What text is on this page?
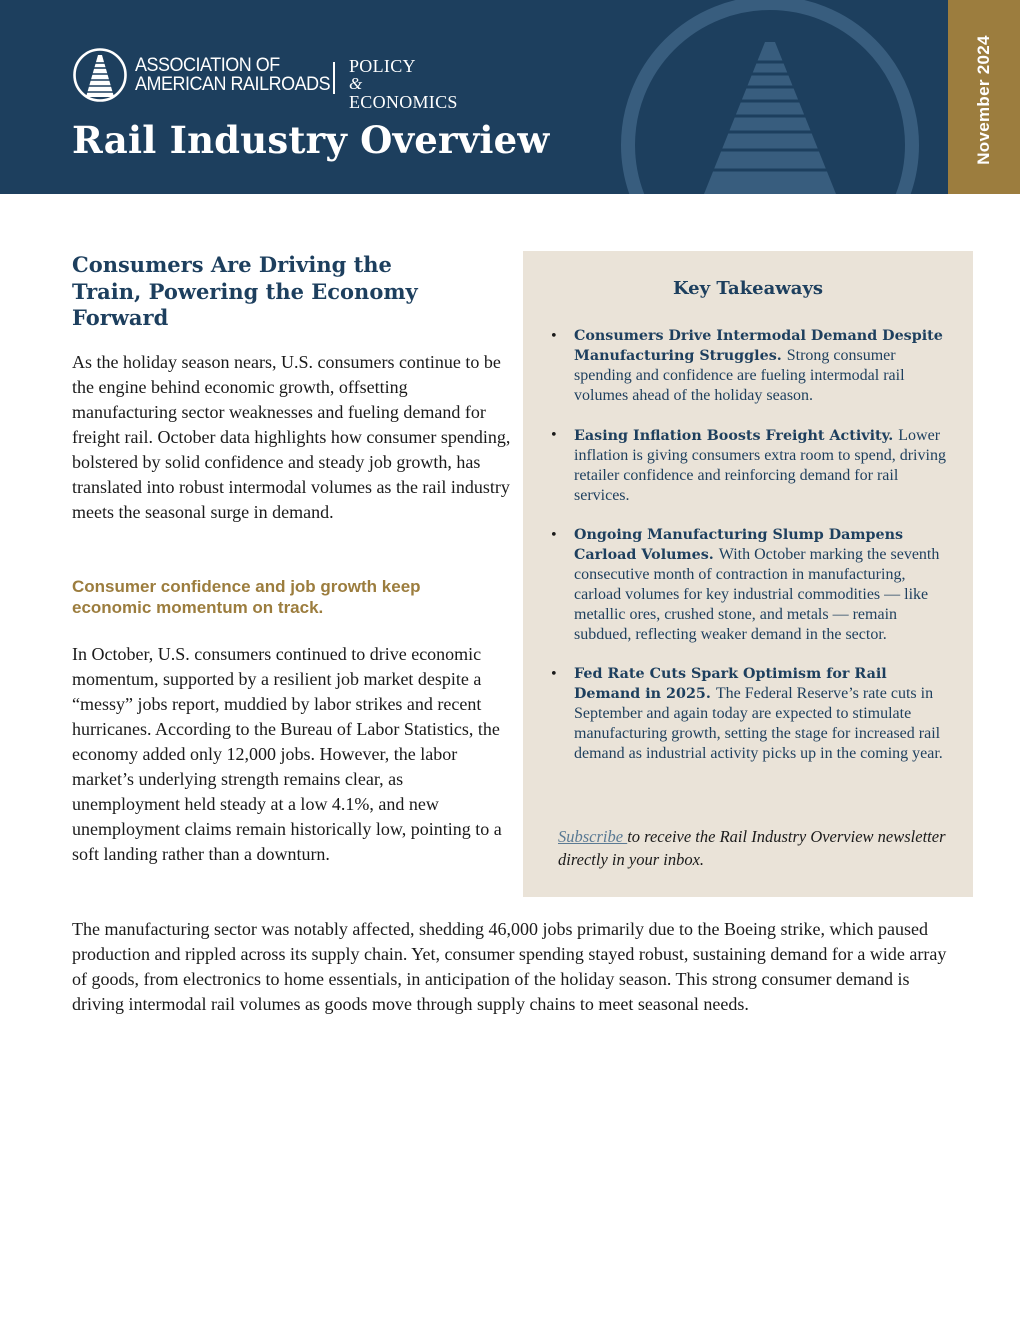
ASSOCIATION OF
AMERICAN RAILROADS
POLICY
&
ECONOMICS
Rail Industry Overview	November 2024
Consumers Are Driving the Train, Powering the Economy Forward

As the holiday season nears, U.S. consumers continue to be the engine behind economic growth, offsetting manufacturing sector weaknesses and fueling demand for freight rail. October data highlights how consumer spending, bolstered by solid confidence and steady job growth, has translated into robust intermodal volumes as the rail industry meets the seasonal surge in demand.

Consumer confidence and job growth keep economic momentum on track.

In October, U.S. consumers continued to drive economic momentum, supported by a resilient job market despite a “messy” jobs report, muddied by labor strikes and recent hurricanes. According to the Bureau of Labor Statistics, the economy added only 12,000 jobs. However, the labor market’s underlying strength remains clear, as unemployment held steady at a low 4.1%, and new unemployment claims remain historically low, pointing to a soft landing rather than a downturn.

The manufacturing sector was notably affected, shedding 46,000 jobs primarily due to the Boeing strike, which paused production and rippled across its supply chain. Yet, consumer spending stayed robust, sustaining demand for a wide array of goods, from electronics to home essentials, in anticipation of the holiday season. This strong consumer demand is driving intermodal rail volumes as goods move through supply chains to meet seasonal needs.

Key Takeaways
• Consumers Drive Intermodal Demand Despite Manufacturing Struggles. Strong consumer spending and confidence are fueling intermodal rail volumes ahead of the holiday season.
• Easing Inflation Boosts Freight Activity. Lower inflation is giving consumers extra room to spend, driving retailer confidence and reinforcing demand for rail services.
• Ongoing Manufacturing Slump Dampens Carload Volumes. With October marking the seventh consecutive month of contraction in manufacturing, carload volumes for key industrial commodities — like metallic ores, crushed stone, and metals — remain subdued, reflecting weaker demand in the sector.
• Fed Rate Cuts Spark Optimism for Rail Demand in 2025. The Federal Reserve’s rate cuts in September and again today are expected to stimulate manufacturing growth, setting the stage for increased rail demand as industrial activity picks up in the coming year.

Subscribe to receive the Rail Industry Overview newsletter directly in your inbox.
